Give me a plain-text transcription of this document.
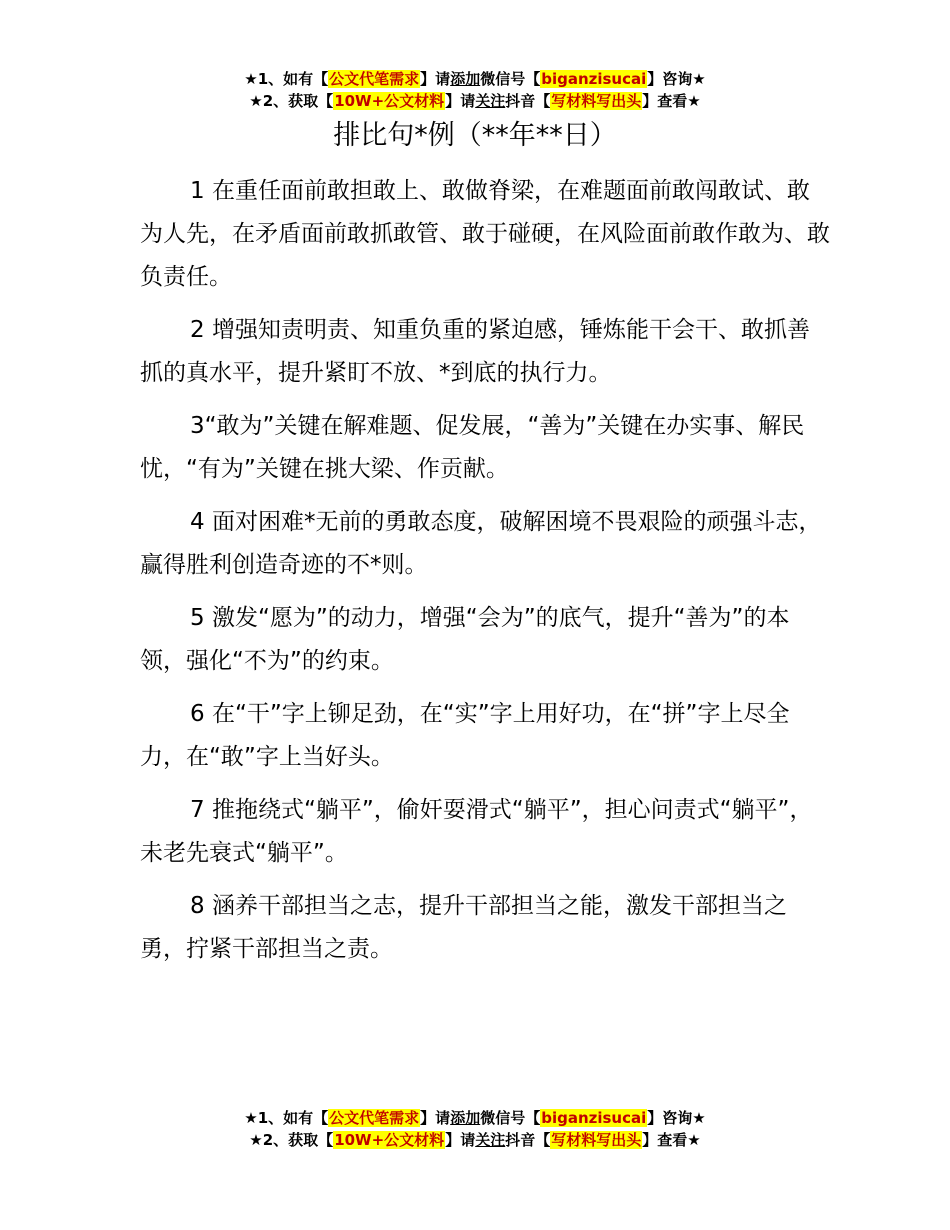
★1、如有【公文代笔需求】请添加微信号【biganzisucai】咨询★
★2、获取【10W+公文材料】请关注抖音【写材料写出头】查看★
排比句*例（**年**日）

1 在重任面前敢担敢上、敢做脊梁，在难题面前敢闯敢试、敢为人先，在矛盾面前敢抓敢管、敢于碰硬，在风险面前敢作敢为、敢负责任。

2 增强知责明责、知重负重的紧迫感，锤炼能干会干、敢抓善抓的真水平，提升紧盯不放、*到底的执行力。

3“敢为”关键在解难题、促发展，“善为”关键在办实事、解民忧，“有为”关键在挑大梁、作贡献。

4 面对困难*无前的勇敢态度，破解困境不畏艰险的顽强斗志，赢得胜利创造奇迹的不*则。

5 激发“愿为”的动力，增强“会为”的底气，提升“善为”的本领，强化“不为”的约束。

6 在“干”字上铆足劲，在“实”字上用好功，在“拼”字上尽全力，在“敢”字上当好头。

7 推拖绕式“躺平”，偷奸耍滑式“躺平”，担心问责式“躺平”，未老先衰式“躺平”。

8 涵养干部担当之志，提升干部担当之能，激发干部担当之勇，拧紧干部担当之责。

★1、如有【公文代笔需求】请添加微信号【biganzisucai】咨询★
★2、获取【10W+公文材料】请关注抖音【写材料写出头】查看★
